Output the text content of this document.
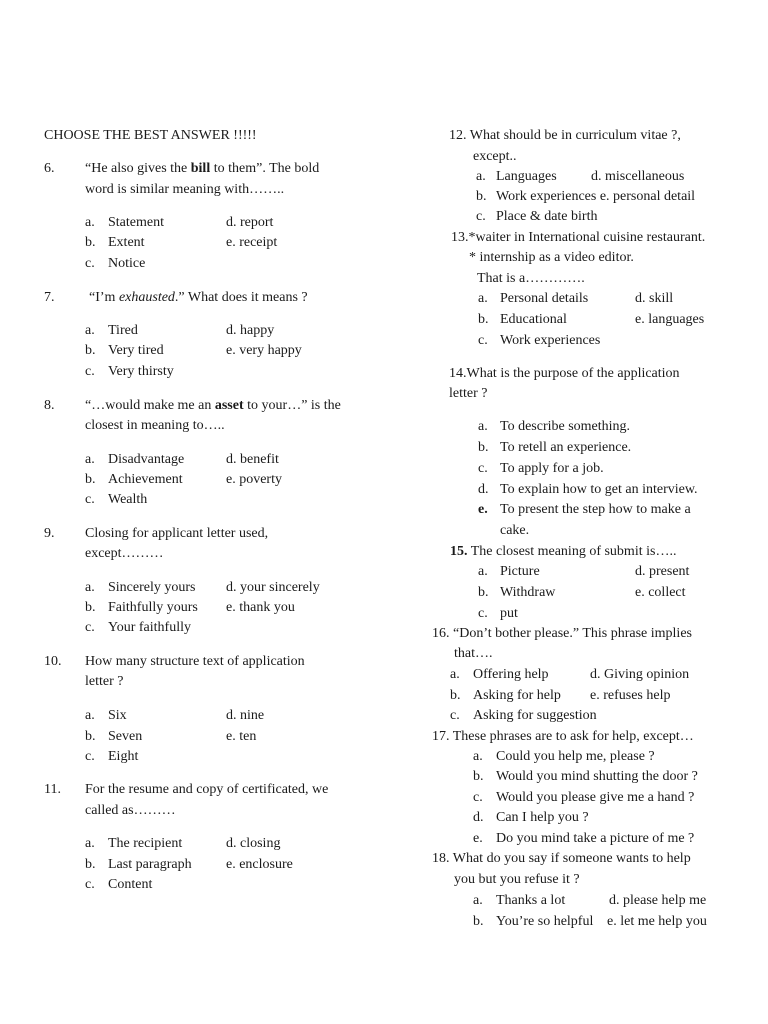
CHOOSE THE BEST ANSWER !!!!!
6. “He also gives the bill to them”. The bold
word is similar meaning with……..
a. Statement
b. Extent
c. Notice
d. report
e. receipt
7. “I’m exhausted.” What does it means ?
a. Tired
b. Very tired
c. Very thirsty
d. happy
e. very happy
8. “…would make me an asset to your…” is the
closest in meaning to…..
a. Disadvantage
b. Achievement
c. Wealth
d. benefit
e. poverty
9. Closing for applicant letter used,
except………
a. Sincerely yours
b. Faithfully yours
c. Your faithfully
d. your sincerely
e. thank you
10. How many structure text of application
letter ?
a. Six
b. Seven
c. Eight
d. nine
e. ten
11. For the resume and copy of certificated, we
called as………
a. The recipient
b. Last paragraph
c. Content
d. closing
e. enclosure
12. What should be in curriculum vitae ?,
except..
a. Languages
b. Work experiences e. personal detail
c. Place & date birth
d. miscellaneous
13.*waiter in International cuisine restaurant.
* internship as a video editor.
That is a………….
a. Personal details
b. Educational
c. Work experiences
d. skill
e. languages
14.What is the purpose of the application
letter ?
a. To describe something.
b. To retell an experience.
c. To apply for a job.
d. To explain how to get an interview.
e. To present the step how to make a
cake.
15. The closest meaning of submit is…..
a. Picture
b. Withdraw
c. put
d. present
e. collect
16. “Don’t bother please.” This phrase implies
that….
a. Offering help
b. Asking for help
c. Asking for suggestion
d. Giving opinion
e. refuses help
17. These phrases are to ask for help, except…
a. Could you help me, please ?
b. Would you mind shutting the door ?
c. Would you please give me a hand ?
d. Can I help you ?
e. Do you mind take a picture of me ?
18. What do you say if someone wants to help
you but you refuse it ?
a. Thanks a lot
b. You’re so helpful
d. please help me
e. let me help you
